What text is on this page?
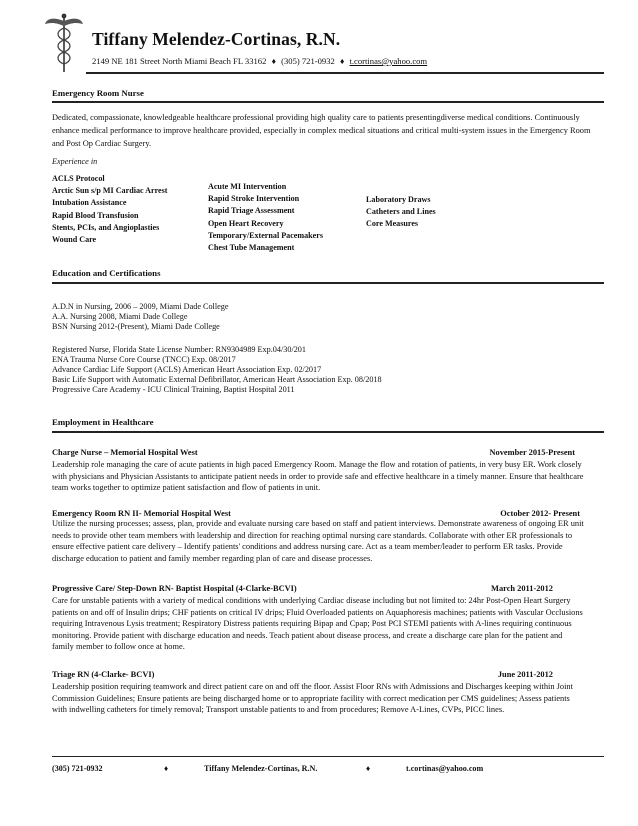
Tiffany Melendez-Cortinas, R.N.
2149 NE 181 Street North Miami Beach FL 33162 ♦ (305) 721-0932 ♦ t.cortinas@yahoo.com
Emergency Room Nurse
Dedicated, compassionate, knowledgeable healthcare professional providing high quality care to patients presentingdiverse medical conditions. Continuously enhance medical performance to improve healthcare provided, especially in complex medical situations and critical multi-system issues in the Emergency Room and Post Op Cardiac Surgery.
Experience in
ACLS Protocol
Arctic Sun s/p MI Cardiac Arrest
Intubation Assistance
Rapid Blood Transfusion
Stents, PCIs, and Angioplasties
Wound Care
Acute MI Intervention
Rapid Stroke Intervention
Rapid Triage Assessment
Open Heart Recovery
Temporary/External Pacemakers
Chest Tube Management
Laboratory Draws
Catheters and Lines
Core Measures
Education and Certifications
A.D.N in Nursing, 2006 – 2009, Miami Dade College
A.A. Nursing 2008, Miami Dade College
BSN Nursing 2012-(Present), Miami Dade College
Registered Nurse, Florida State License Number: RN9304989 Exp.04/30/201
ENA Trauma Nurse Core Course (TNCC) Exp. 08/2017
Advance Cardiac Life Support (ACLS) American Heart Association Exp. 02/2017
Basic Life Support with Automatic External Defibrillator, American Heart Association Exp. 08/2018
Progressive Care Academy - ICU Clinical Training, Baptist Hospital 2011
Employment in Healthcare
Charge Nurse – Memorial Hospital West	November 2015-Present
Leadership role managing the care of acute patients in high paced Emergency Room. Manage the flow and rotation of patients, in very busy ER. Work closely with physicians and Physician Assistants to anticipate patient needs in order to provide safe and effective healthcare in a timely manner. Ensure that healthcare team works together to optimize patient satisfaction and flow of patients in unit.
Emergency Room RN II- Memorial Hospital West	October 2012- Present
Utilize the nursing processes; assess, plan, provide and evaluate nursing care based on staff and patient interviews. Demonstrate awareness of ongoing ER unit needs to provide other team members with leadership and direction for reaching optimal nursing care standards. Collaborate with other ER professionals to ensure effective patient care delivery – Identify patients' conditions and address nursing care. Act as a team member/leader to perform ER tasks. Provide discharge education to patient and family member regarding plan of care and disease processes.
Progressive Care/ Step-Down RN- Baptist Hospital (4-Clarke-BCVI)	March 2011-2012
Care for unstable patients with a variety of medical conditions with underlying Cardiac disease including but not limited to: 24hr Post-Open Heart Surgery patients on and off of Insulin drips; CHF patients on critical IV drips; Fluid Overloaded patients on Aquaphoresis machines; patients with Vascular Occlusions requiring Intravenous Lysis treatment; Respiratory Distress patients requiring Bipap and Cpap; Post PCI STEMI patients with A-lines requiring continuous monitoring. Provide patient with discharge education and needs. Teach patient about disease process, and create a discharge care plan for the patient and family member to follow once at home.
Triage RN (4-Clarke- BCVI)	June 2011-2012
Leadership position requiring teamwork and direct patient care on and off the floor. Assist Floor RNs with Admissions and Discharges keeping within Joint Commission Guidelines; Ensure patients are being discharged home or to appropriate facility with correct medication per CMS guidelines; Assess patients with indwelling catheters for timely removal; Transport unstable patients to and from procedures; Remove A-Lines, CVPs, PICC lines.
(305) 721-0932	♦	Tiffany Melendez-Cortinas, R.N.	♦	t.cortinas@yahoo.com
